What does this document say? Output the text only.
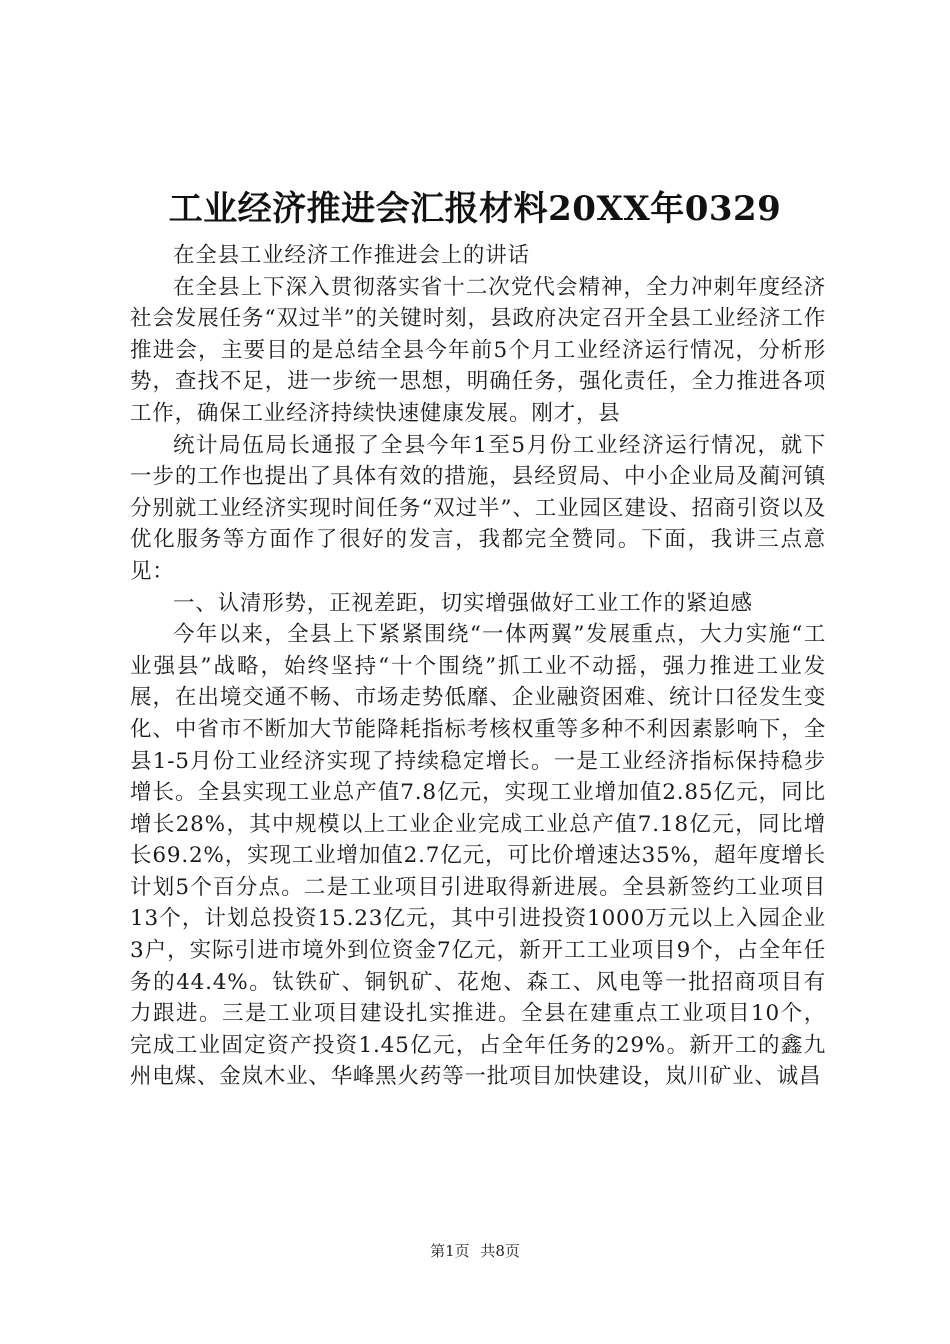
工业经济推进会汇报材料20XX年0329

在全县工业经济工作推进会上的讲话

在全县上下深入贯彻落实省十二次党代会精神，全力冲刺年度经济社会发展任务“双过半”的关键时刻，县政府决定召开全县工业经济工作推进会，主要目的是总结全县今年前5个月工业经济运行情况，分析形势，查找不足，进一步统一思想，明确任务，强化责任，全力推进各项工作，确保工业经济持续快速健康发展。刚才，县

统计局伍局长通报了全县今年1至5月份工业经济运行情况，就下一步的工作也提出了具体有效的措施，县经贸局、中小企业局及蔺河镇分别就工业经济实现时间任务“双过半”、工业园区建设、招商引资以及优化服务等方面作了很好的发言，我都完全赞同。下面，我讲三点意见：

一、认清形势，正视差距，切实增强做好工业工作的紧迫感

今年以来，全县上下紧紧围绕“一体两翼”发展重点，大力实施“工业强县”战略，始终坚持“十个围绕”抓工业不动摇，强力推进工业发展，在出境交通不畅、市场走势低靡、企业融资困难、统计口径发生变化、中省市不断加大节能降耗指标考核权重等多种不利因素影响下，全县1-5月份工业经济实现了持续稳定增长。一是工业经济指标保持稳步增长。全县实现工业总产值7.8亿元，实现工业增加值2.85亿元，同比增长28%，其中规模以上工业企业完成工业总产值7.18亿元，同比增长69.2%，实现工业增加值2.7亿元，可比价增速达35%，超年度增长计划5个百分点。二是工业项目引进取得新进展。全县新签约工业项目13个，计划总投资15.23亿元，其中引进投资1000万元以上入园企业3户，实际引进市境外到位资金7亿元，新开工工业项目9个，占全年任务的44.4%。钛铁矿、铜钒矿、花炮、森工、风电等一批招商项目有力跟进。三是工业项目建设扎实推进。全县在建重点工业项目10个，完成工业固定资产投资1.45亿元，占全年任务的29%。新开工的鑫九州电煤、金岚木业、华峰黑火药等一批项目加快建设，岚川矿业、诚昌

第1页 共8页
